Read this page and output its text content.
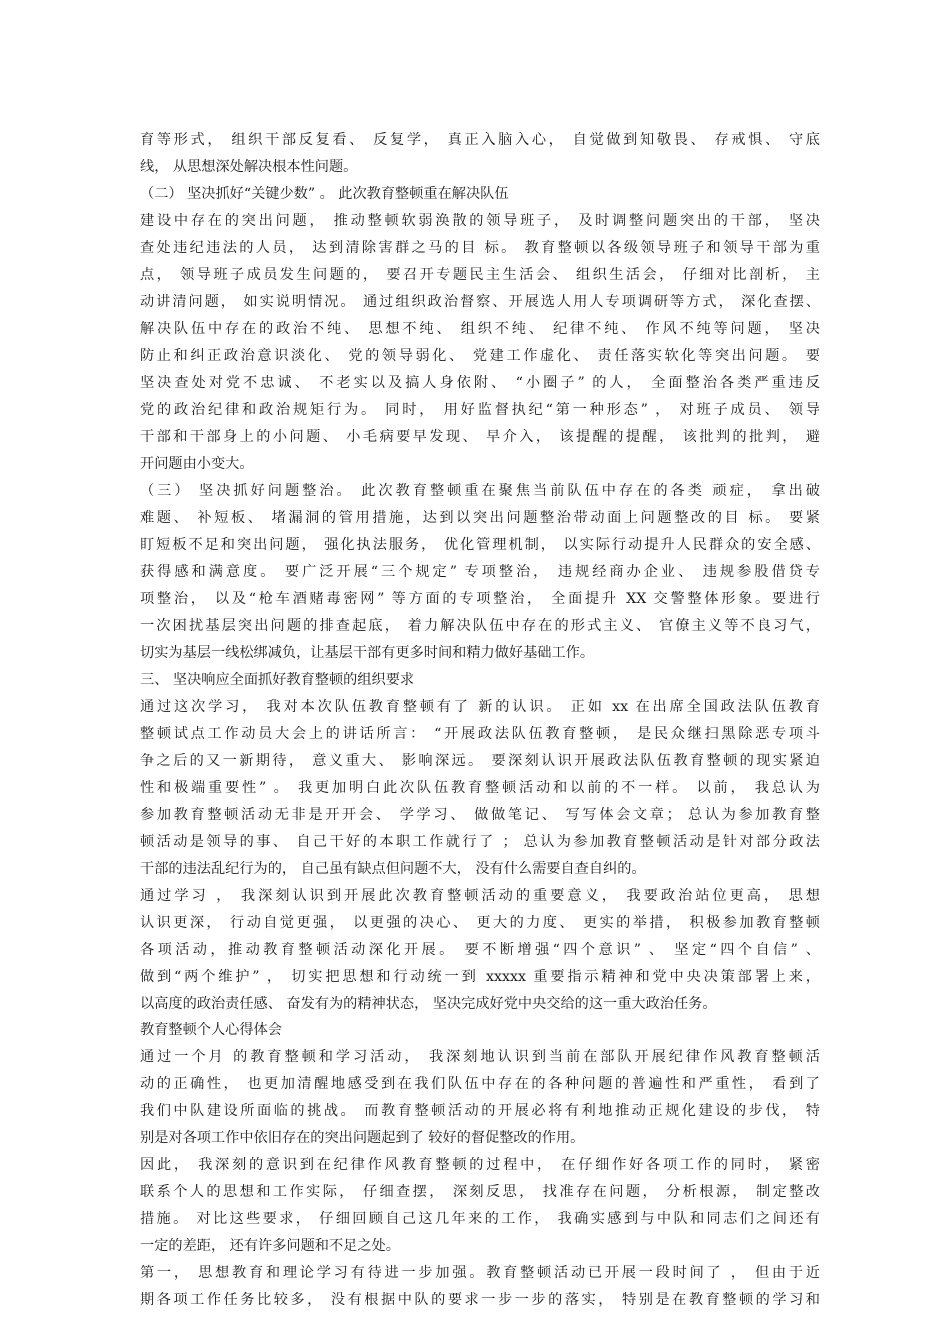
育等形式， 组织干部反复看、 反复学， 真正入脑入心， 自觉做到知敬畏、 存戒惧、 守底
线， 从思想深处解决根本性问题。
（二） 坚决抓好“关键少数” 。 此次教育整顿重在解决队伍
建设中存在的突出问题， 推动整顿软弱涣散的领导班子， 及时调整问题突出的干部， 坚决
查处违纪违法的人员， 达到清除害群之马的目 标。 教育整顿以各级领导班子和领导干部为重
点， 领导班子成员发生问题的， 要召开专题民主生活会、 组织生活会， 仔细对比剖析， 主
动讲清问题， 如实说明情况。 通过组织政治督察、开展选人用人专项调研等方式， 深化查摆、
解决队伍中存在的政治不纯、 思想不纯、 组织不纯、 纪律不纯、 作风不纯等问题， 坚决
防止和纠正政治意识淡化、 党的领导弱化、 党建工作虚化、 责任落实软化等突出问题。 要
坚决查处对党不忠诚、 不老实以及搞人身依附、 “小圈子” 的人， 全面整治各类严重违反
党的政治纪律和政治规矩行为。 同时， 用好监督执纪“第一种形态” ， 对班子成员、 领导
干部和干部身上的小问题、 小毛病要早发现、 早介入， 该提醒的提醒， 该批判的批判， 避
开问题由小变大。
（三） 坚决抓好问题整治。 此次教育整顿重在聚焦当前队伍中存在的各类 顽症， 拿出破
难题、 补短板、 堵漏洞的管用措施，达到以突出问题整治带动面上问题整改的目 标。 要紧
盯短板不足和突出问题， 强化执法服务， 优化管理机制， 以实际行动提升人民群众的安全感、
获得感和满意度。 要广泛开展“三个规定” 专项整治， 违规经商办企业、 违规参股借贷专
项整治， 以及“枪车酒赌毒密网” 等方面的专项整治， 全面提升 XX 交警整体形象。要进行
一次困扰基层突出问题的排查起底， 着力解决队伍中存在的形式主义、 官僚主义等不良习气，
切实为基层一线松绑减负，让基层干部有更多时间和精力做好基础工作。
三、 坚决响应全面抓好教育整顿的组织要求
通过这次学习， 我对本次队伍教育整顿有了 新的认识。 正如 xx 在出席全国政法队伍教育
整顿试点工作动员大会上的讲话所言： “开展政法队伍教育整顿， 是民众继扫黑除恶专项斗
争之后的又一新期待， 意义重大、 影响深远。 要深刻认识开展政法队伍教育整顿的现实紧迫
性和极端重要性” 。 我更加明白此次队伍教育整顿活动和以前的不一样。 以前， 我总认为
参加教育整顿活动无非是开开会、 学学习、 做做笔记、 写写体会文章； 总认为参加教育整
顿活动是领导的事、 自己干好的本职工作就行了 ； 总认为参加教育整顿活动是针对部分政法
干部的违法乱纪行为的， 自己虽有缺点但问题不大， 没有什么需要自查自纠的。
通过学习 ， 我深刻认识到开展此次教育整顿活动的重要意义， 我要政治站位更高， 思想
认识更深， 行动自觉更强， 以更强的决心、 更大的力度、 更实的举措， 积极参加教育整顿
各项活动，推动教育整顿活动深化开展。 要不断增强“四个意识” 、 坚定“四个自信” 、
做到“两个维护” ， 切实把思想和行动统一到 xxxxx 重要指示精神和党中央决策部署上来，
以高度的政治责任感、 奋发有为的精神状态， 坚决完成好党中央交给的这一重大政治任务。
教育整顿个人心得体会
通过一个月 的教育整顿和学习活动， 我深刻地认识到当前在部队开展纪律作风教育整顿活
动的正确性， 也更加清醒地感受到在我们队伍中存在的各种问题的普遍性和严重性， 看到了
我们中队建设所面临的挑战。 而教育整顿活动的开展必将有利地推动正规化建设的步伐， 特
别是对各项工作中依旧存在的突出问题起到了 较好的督促整改的作用。
因此， 我深刻的意识到在纪律作风教育整顿的过程中， 在仔细作好各项工作的同时， 紧密
联系个人的思想和工作实际， 仔细查摆， 深刻反思， 找准存在问题， 分析根源， 制定整改
措施。 对比这些要求， 仔细回顾自己这几年来的工作， 我确实感到与中队和同志们之间还有
一定的差距， 还有许多问题和不足之处。
第一， 思想教育和理论学习有待进一步加强。教育整顿活动已开展一段时间了 ， 但由于近
期各项工作任务比较多， 没有根据中队的要求一步一步的落实， 特别是在教育整顿的学习和
